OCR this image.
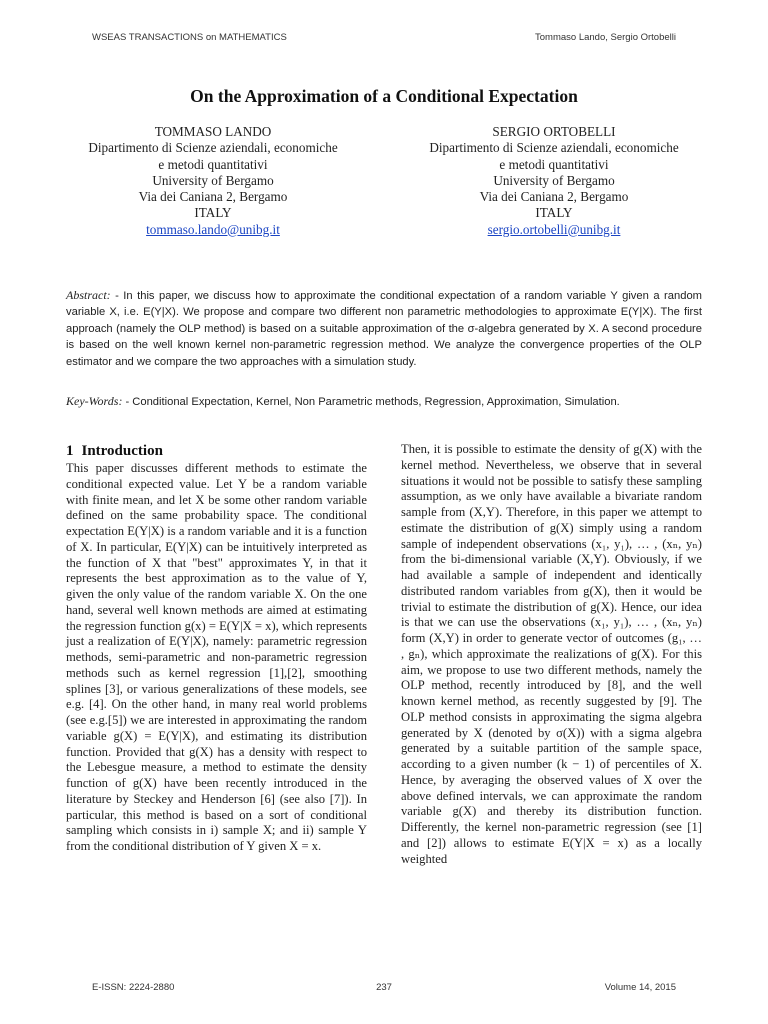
WSEAS TRANSACTIONS on MATHEMATICS	Tommaso Lando, Sergio Ortobelli
On the Approximation of a Conditional Expectation
TOMMASO LANDO
Dipartimento di Scienze aziendali, economiche
e metodi quantitativi
University of Bergamo
Via dei Caniana 2, Bergamo
ITALY
tommaso.lando@unibg.it
SERGIO ORTOBELLI
Dipartimento di Scienze aziendali, economiche
e metodi quantitativi
University of Bergamo
Via dei Caniana 2, Bergamo
ITALY
sergio.ortobelli@unibg.it
Abstract: - In this paper, we discuss how to approximate the conditional expectation of a random variable Y given a random variable X, i.e. E(Y|X). We propose and compare two different non parametric methodologies to approximate E(Y|X). The first approach (namely the OLP method) is based on a suitable approximation of the σ-algebra generated by X. A second procedure is based on the well known kernel non-parametric regression method. We analyze the convergence properties of the OLP estimator and we compare the two approaches with a simulation study.
Key-Words: - Conditional Expectation, Kernel, Non Parametric methods, Regression, Approximation, Simulation.
1 Introduction

This paper discusses different methods to estimate the conditional expected value. Let Y be a random variable with finite mean, and let X be some other random variable defined on the same probability space. The conditional expectation E(Y|X) is a random variable and it is a function of X. In particular, E(Y|X) can be intuitively interpreted as the function of X that "best" approximates Y, in that it represents the best approximation as to the value of Y, given the only value of the random variable X. On the one hand, several well known methods are aimed at estimating the regression function g(x) = E(Y|X = x), which represents just a realization of E(Y|X), namely: parametric regression methods, semi-parametric and non-parametric regression methods such as kernel regression [1],[2], smoothing splines [3], or various generalizations of these models, see e.g. [4]. On the other hand, in many real world problems (see e.g.[5]) we are interested in approximating the random variable g(X) = E(Y|X), and estimating its distribution function. Provided that g(X) has a density with respect to the Lebesgue measure, a method to estimate the density function of g(X) have been recently introduced in the literature by Steckey and Henderson [6] (see also [7]). In particular, this method is based on a sort of conditional sampling which consists in i) sample X; and ii) sample Y from the conditional distribution of Y given X = x.

Then, it is possible to estimate the density of g(X) with the kernel method. Nevertheless, we observe that in several situations it would not be possible to satisfy these sampling assumption, as we only have available a bivariate random sample from (X,Y). Therefore, in this paper we attempt to estimate the distribution of g(X) simply using a random sample of independent observations (x₁, y₁), … , (xₙ, yₙ) from the bi-dimensional variable (X,Y). Obviously, if we had available a sample of independent and identically distributed random variables from g(X), then it would be trivial to estimate the distribution of g(X). Hence, our idea is that we can use the observations (x₁, y₁), … , (xₙ, yₙ) form (X,Y) in order to generate vector of outcomes (g₁, … , gₙ), which approximate the realizations of g(X). For this aim, we propose to use two different methods, namely the OLP method, recently introduced by [8], and the well known kernel method, as recently suggested by [9]. The OLP method consists in approximating the sigma algebra generated by X (denoted by σ(X)) with a sigma algebra generated by a suitable partition of the sample space, according to a given number (k − 1) of percentiles of X. Hence, by averaging the observed values of X over the above defined intervals, we can approximate the random variable g(X) and thereby its distribution function. Differently, the kernel non-parametric regression (see [1] and [2]) allows to estimate E(Y|X = x) as a locally weighted

E-ISSN: 2224-2880	237	Volume 14, 2015
